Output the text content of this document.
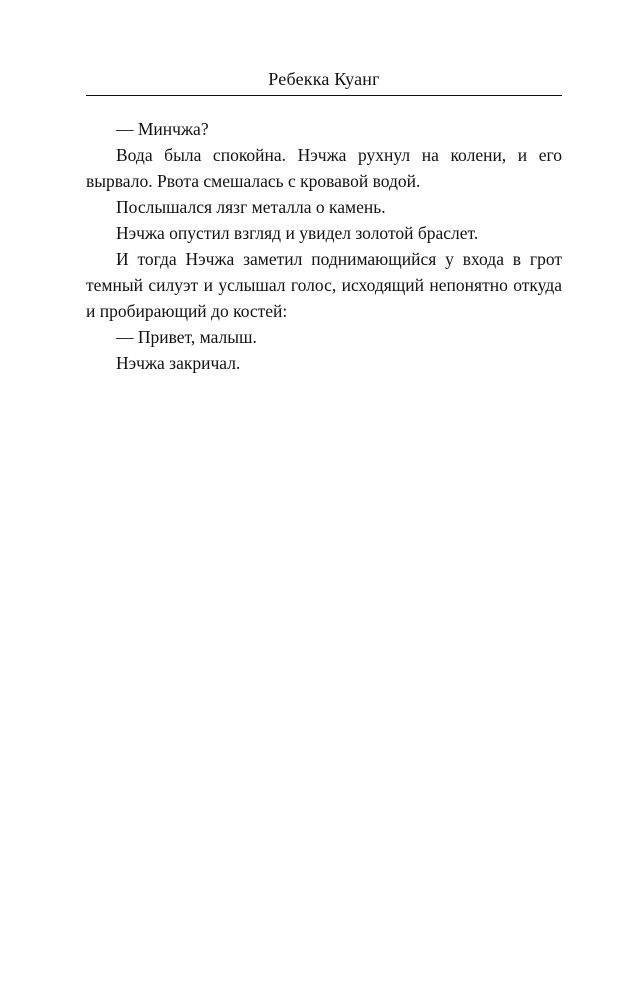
Ребекка Куанг

— Минчжа?

Вода была спокойна. Нэчжа рухнул на колени, и его вырвало. Рвота смешалась с кровавой водой.

Послышался лязг металла о камень.

Нэчжа опустил взгляд и увидел золотой браслет.

И тогда Нэчжа заметил поднимающийся у входа в грот темный силуэт и услышал голос, исходящий непонятно откуда и пробирающий до костей:

— Привет, малыш.

Нэчжа закричал.
